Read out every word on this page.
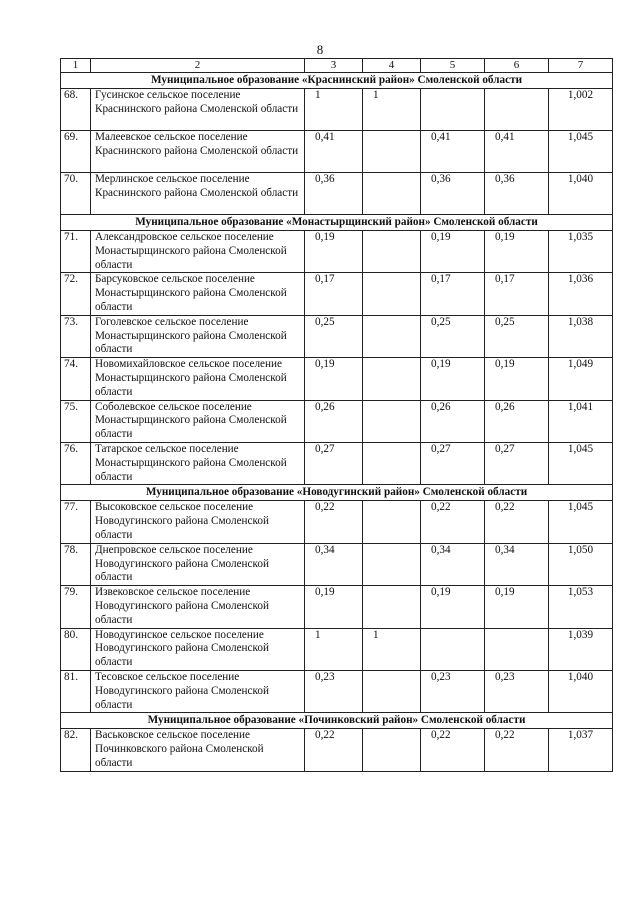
8
1	2	3	4	5	6	7
Муниципальное образование «Краснинский район» Смоленской области						
68.	Гусинское сельское поселение Краснинского района Смоленской области	1	1			1,002
69.	Малеевское сельское поселение Краснинского района Смоленской области	0,41		0,41	0,41	1,045
70.	Мерлинское сельское поселение Краснинского района Смоленской области	0,36		0,36	0,36	1,040
Муниципальное образование «Монастырщинский район» Смоленской области						
71.	Александровское сельское поселение Монастырщинского района Смоленской области	0,19		0,19	0,19	1,035
72.	Барсуковское сельское поселение Монастырщинского района Смоленской области	0,17		0,17	0,17	1,036
73.	Гоголевское сельское поселение Монастырщинского района Смоленской области	0,25		0,25	0,25	1,038
74.	Новомихайловское сельское поселение Монастырщинского района Смоленской области	0,19		0,19	0,19	1,049
75.	Соболевское сельское поселение Монастырщинского района Смоленской области	0,26		0,26	0,26	1,041
76.	Татарское сельское поселение Монастырщинского района Смоленской области	0,27		0,27	0,27	1,045
Муниципальное образование «Новодугинский район» Смоленской области						
77.	Высоковское сельское поселение Новодугинского района Смоленской области	0,22		0,22	0,22	1,045
78.	Днепровское сельское поселение Новодугинского района Смоленской области	0,34		0,34	0,34	1,050
79.	Извековское сельское поселение Новодугинского района Смоленской области	0,19		0,19	0,19	1,053
80.	Новодугинское сельское поселение Новодугинского района Смоленской области	1	1			1,039
81.	Тесовское сельское поселение Новодугинского района Смоленской области	0,23		0,23	0,23	1,040
Муниципальное образование «Починковский район» Смоленской области						
82.	Васьковское сельское поселение Починковского района Смоленской области	0,22		0,22	0,22	1,037
